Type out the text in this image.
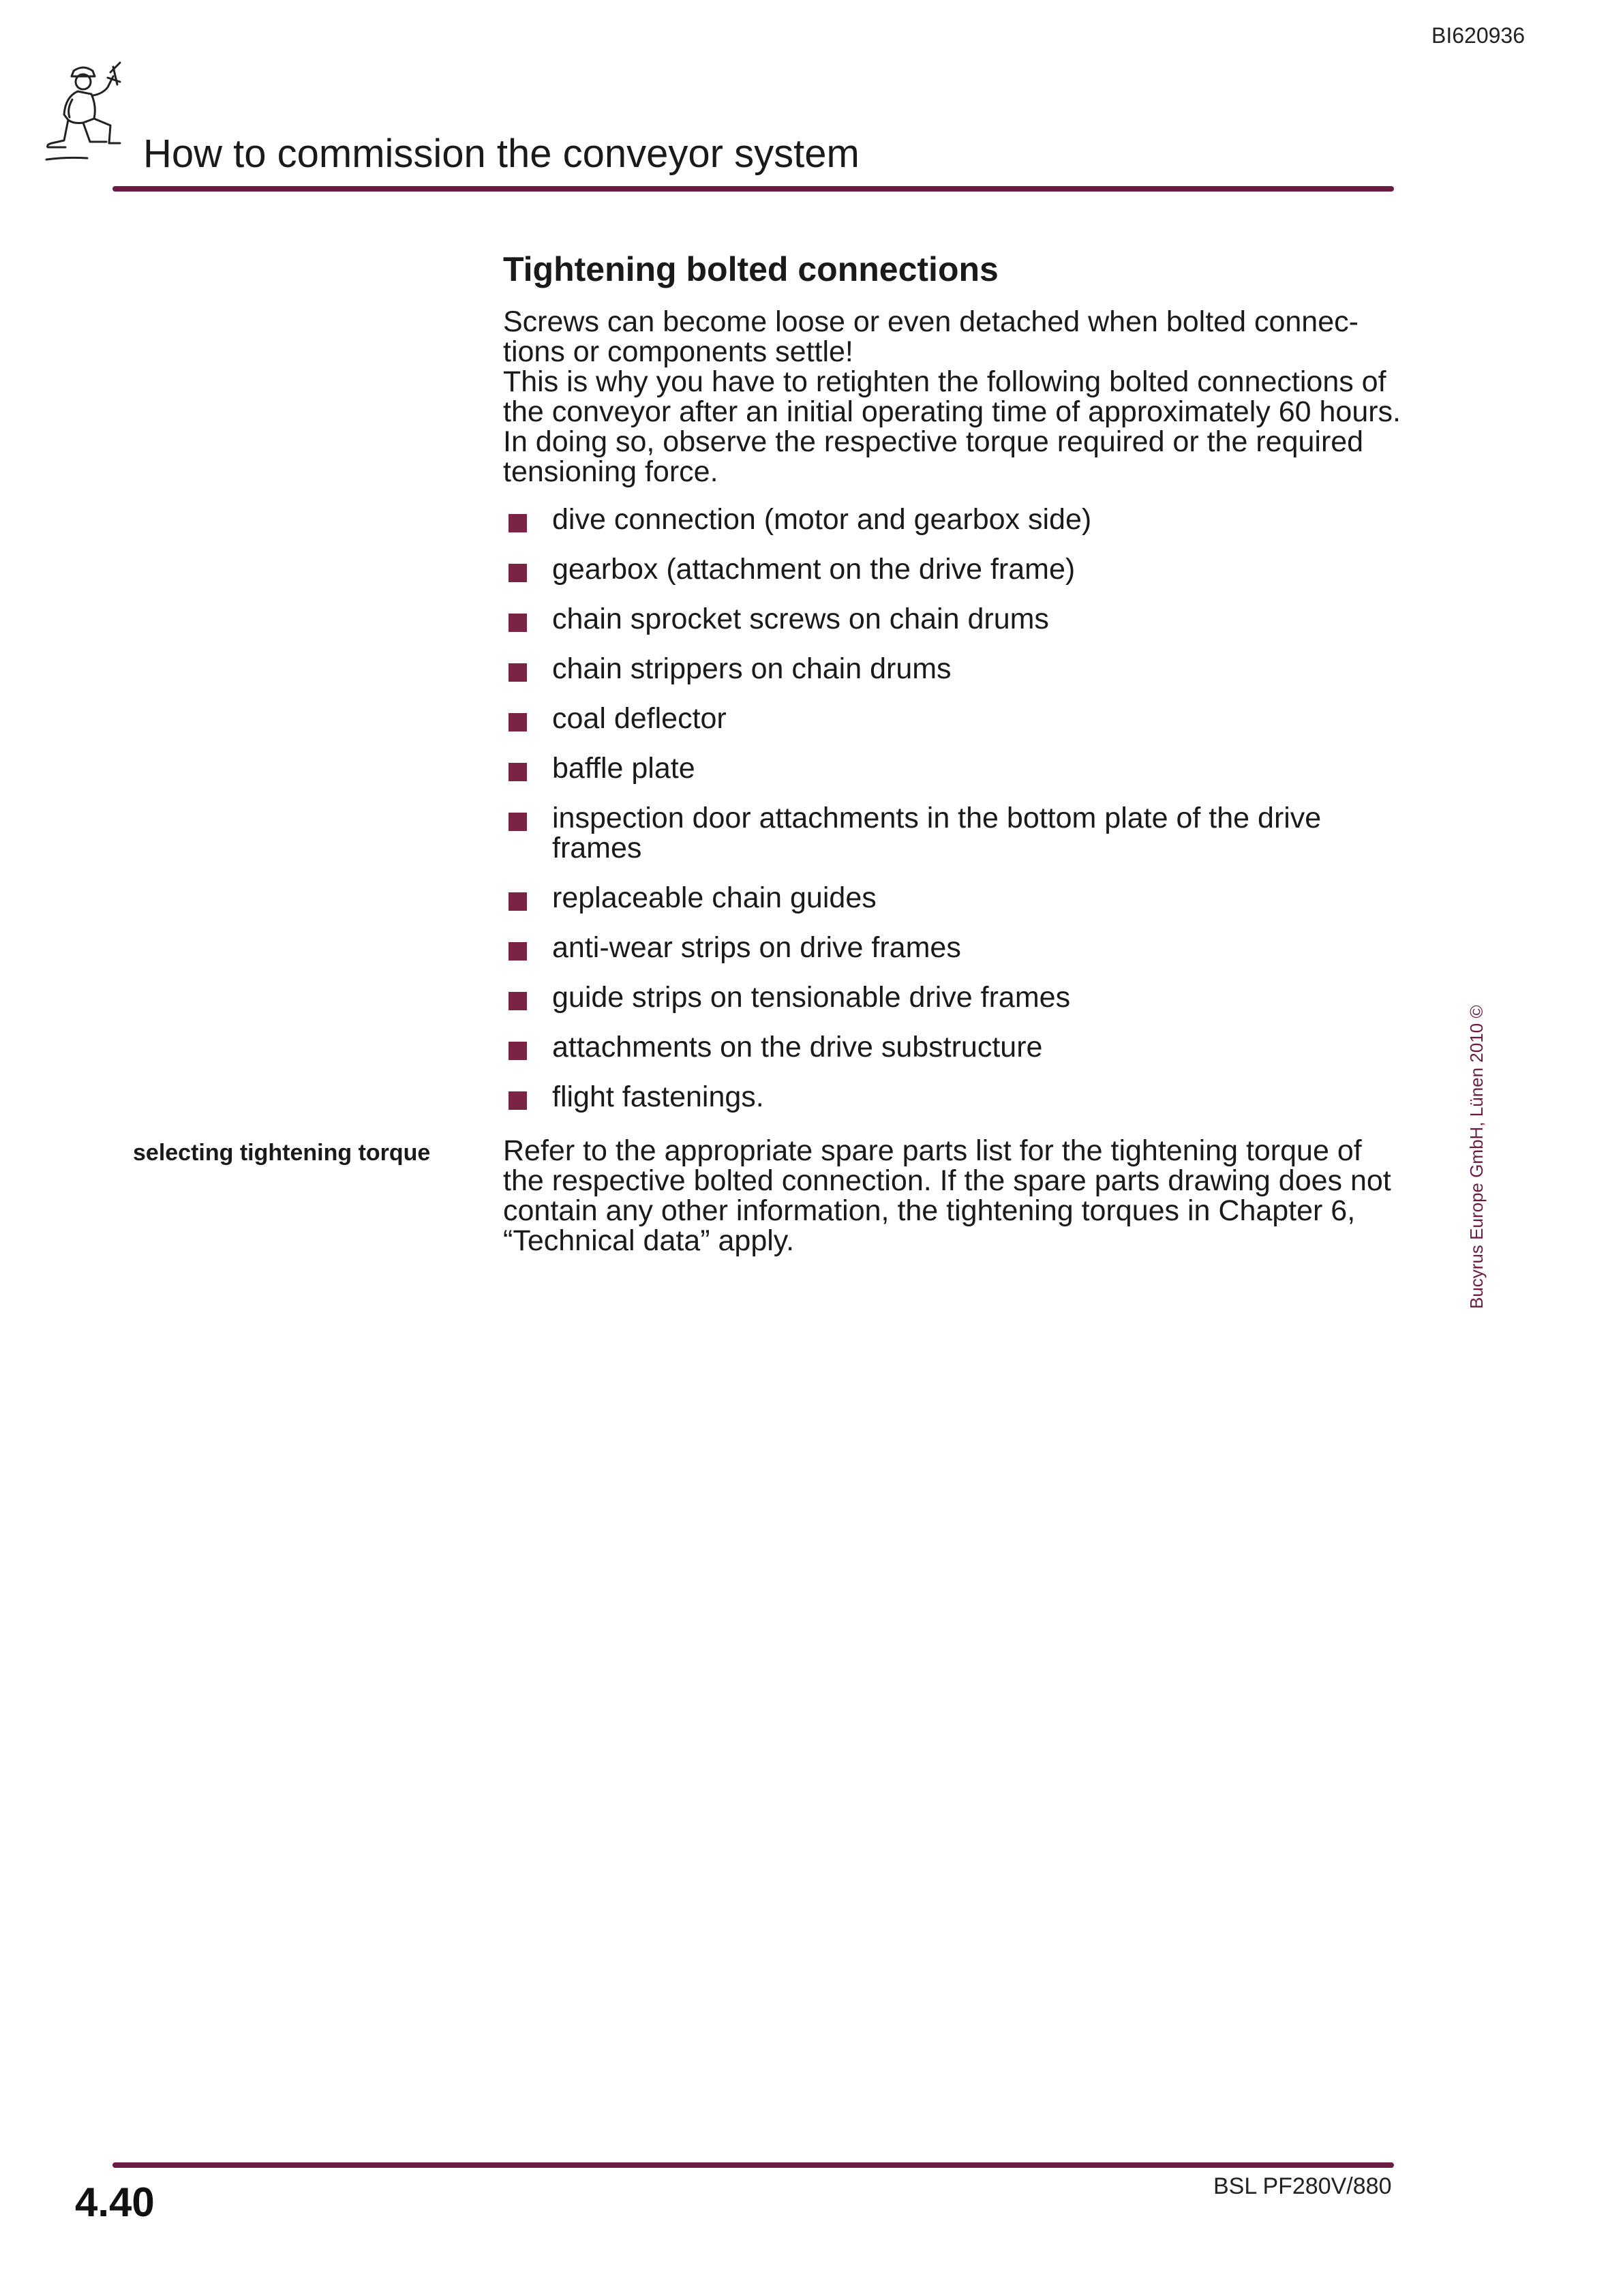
BI620936
How to commission the conveyor system
Tightening bolted connections

Screws can become loose or even detached when bolted connec-tions or components settle!

This is why you have to retighten the following bolted connections of the conveyor after an initial operating time of approximately 60 hours. In doing so, observe the respective torque required or the required tensioning force.

dive connection (motor and gearbox side)
gearbox (attachment on the drive frame)
chain sprocket screws on chain drums
chain strippers on chain drums
coal deflector
baffle plate
inspection door attachments in the bottom plate of the drive frames
replaceable chain guides
anti-wear strips on drive frames
guide strips on tensionable drive frames
attachments on the drive substructure
flight fastenings.
selecting tightening torque Refer to the appropriate spare parts list for the tightening torque of the respective bolted connection. If the spare parts drawing does not contain any other information, the tightening torques in Chapter 6, “Technical data” apply.	Bucyrus Europe GmbH, Lünen 2010 ©
4.40	BSL PF280V/880
